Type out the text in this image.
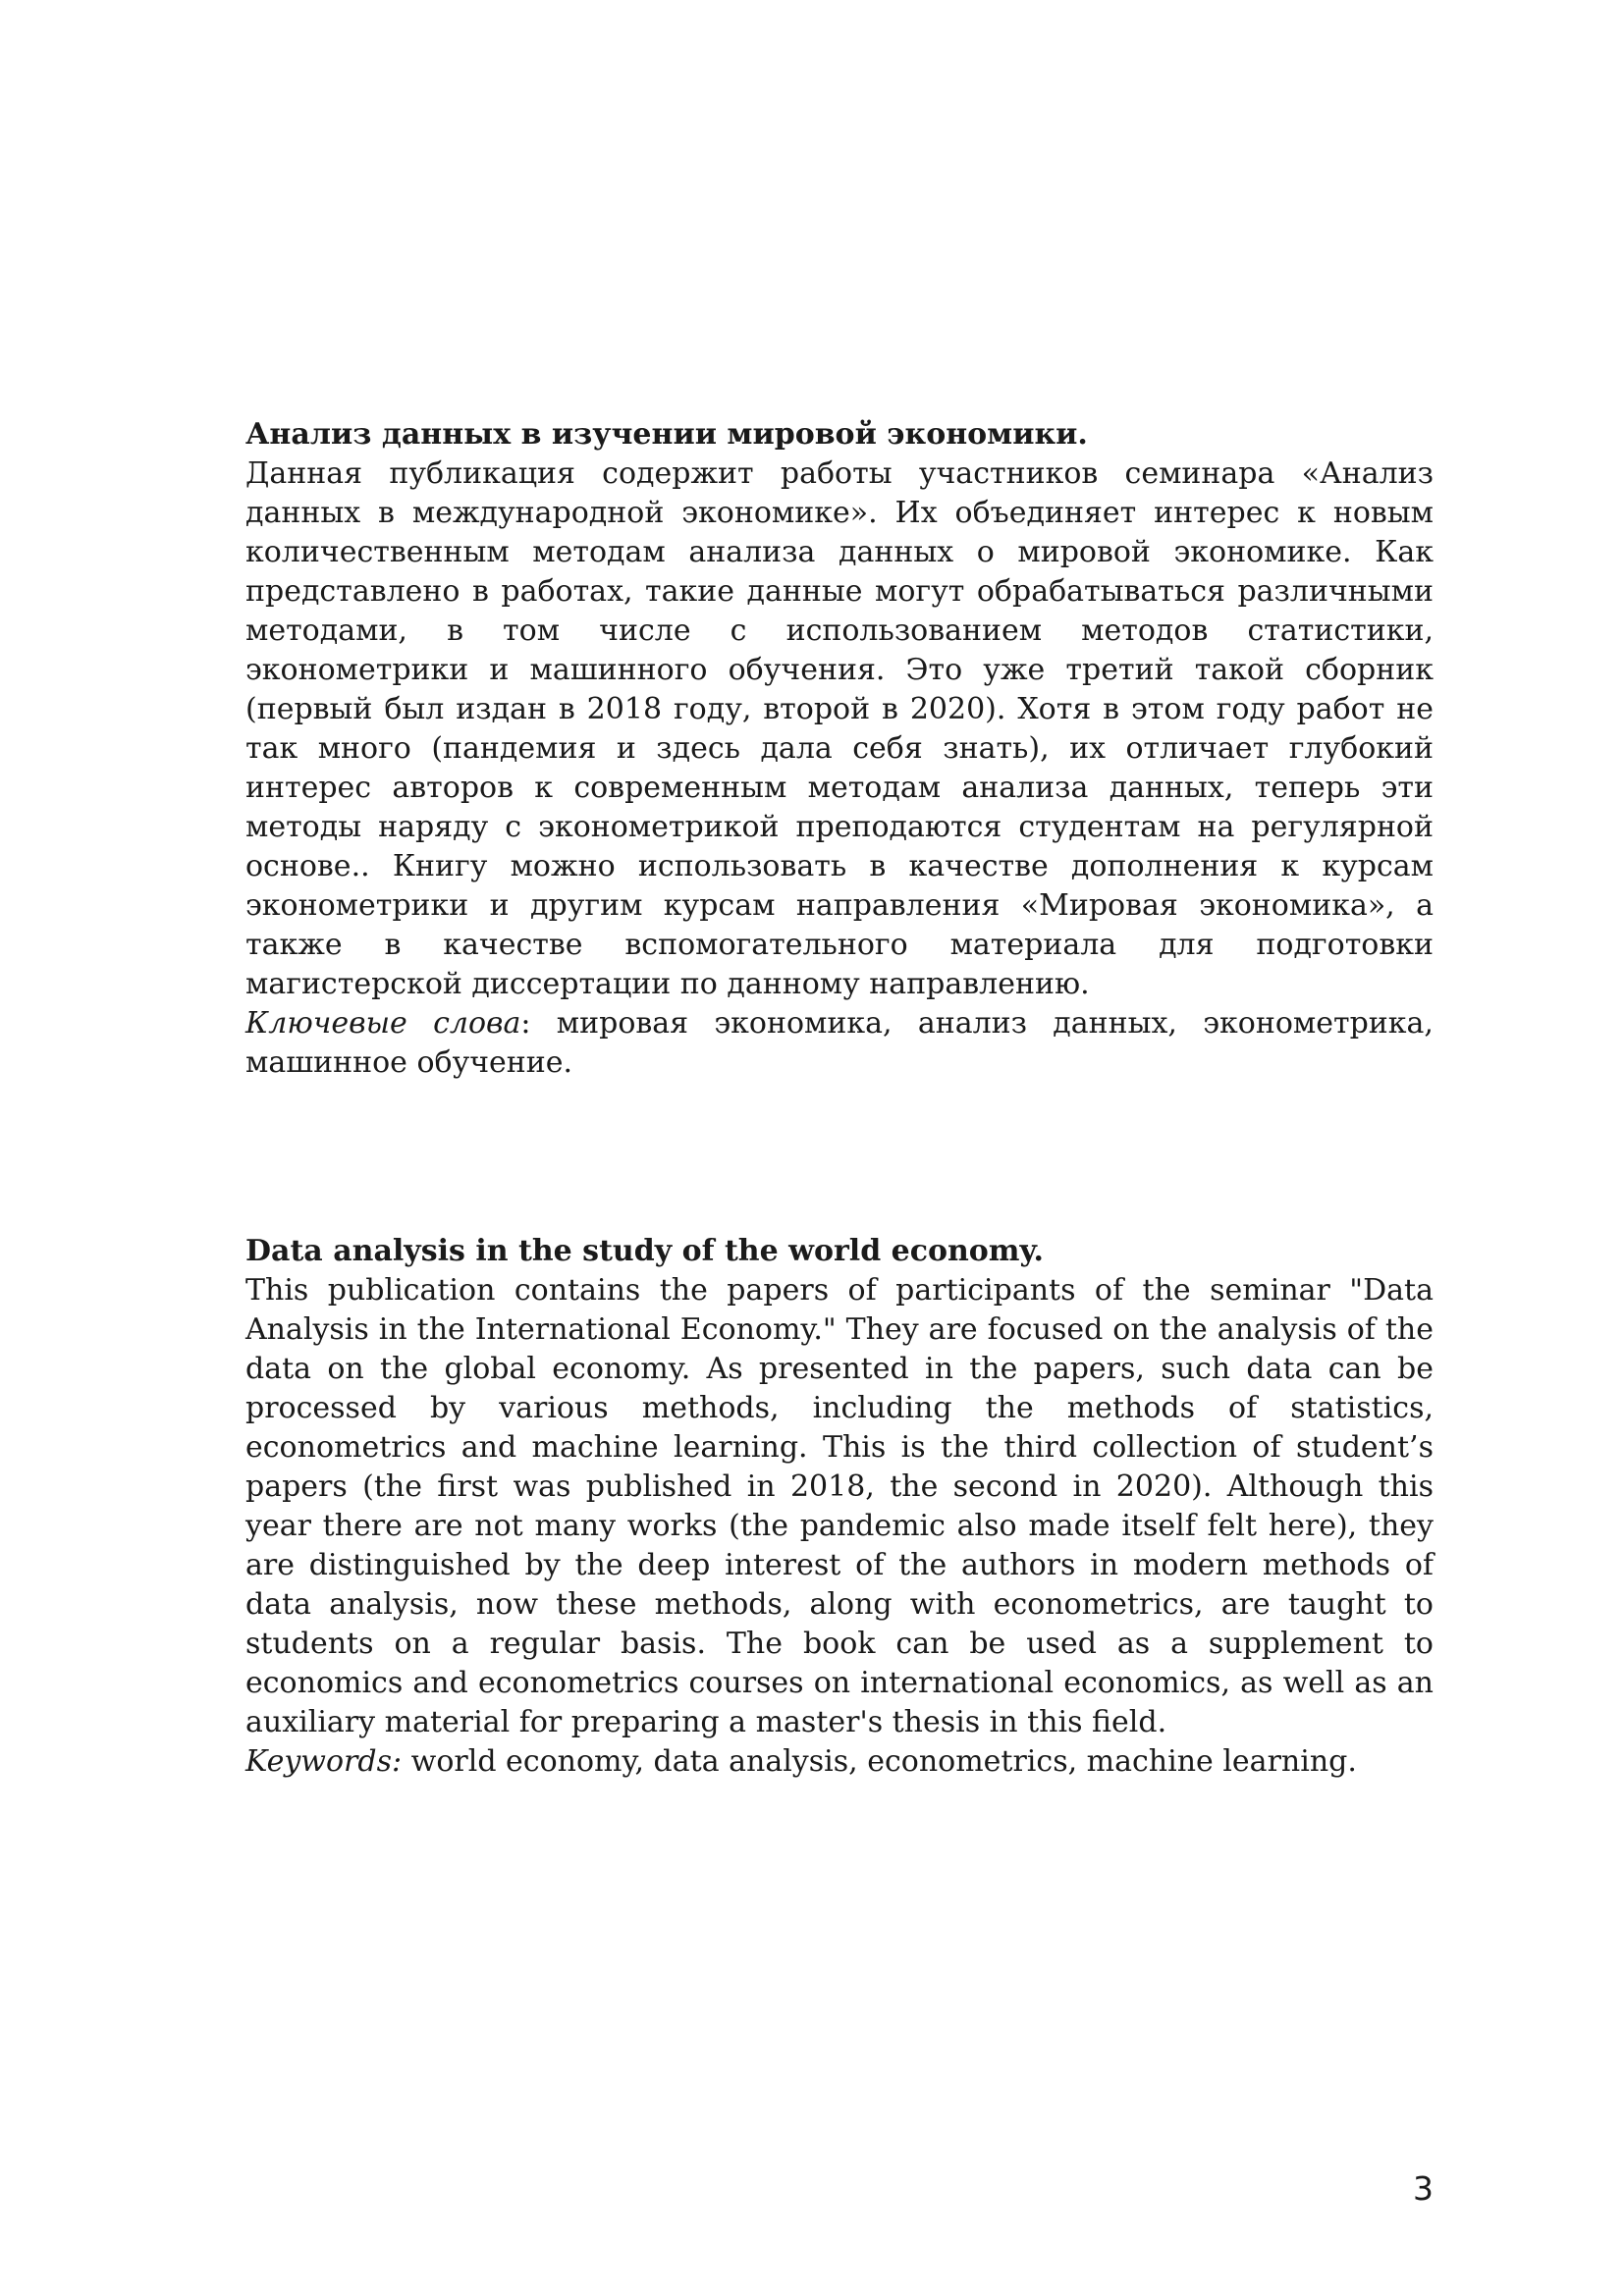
Анализ данных в изучении мировой экономики.

Данная публикация содержит работы участников семинара «Анализ данных в международной экономике». Их объединяет интерес к новым количественным методам анализа данных о мировой экономике. Как представлено в работах, такие данные могут обрабатываться различными методами, в том числе с использованием методов статистики, эконометрики и машинного обучения. Это уже третий такой сборник (первый был издан в 2018 году, второй в 2020). Хотя в этом году работ не так много (пандемия и здесь дала себя знать), их отличает глубокий интерес авторов к современным методам анализа данных, теперь эти методы наряду с эконометрикой преподаются студентам на регулярной основе.. Книгу можно использовать в качестве дополнения к курсам эконометрики и другим курсам направления «Мировая экономика», а также в качестве вспомогательного материала для подготовки магистерской диссертации по данному направлению.

Ключевые слова: мировая экономика, анализ данных, эконометрика, машинное обучение.

Data analysis in the study of the world economy.

This publication contains the papers of participants of the seminar "Data Analysis in the International Economy." They are focused on the analysis of the data on the global economy. As presented in the papers, such data can be processed by various methods, including the methods of statistics, econometrics and machine learning. This is the third collection of student’s papers (the first was published in 2018, the second in 2020). Although this year there are not many works (the pandemic also made itself felt here), they are distinguished by the deep interest of the authors in modern methods of data analysis, now these methods, along with econometrics, are taught to students on a regular basis. The book can be used as a supplement to economics and econometrics courses on international economics, as well as an auxiliary material for preparing a master's thesis in this field.

Keywords: world economy, data analysis, econometrics, machine learning.

3
